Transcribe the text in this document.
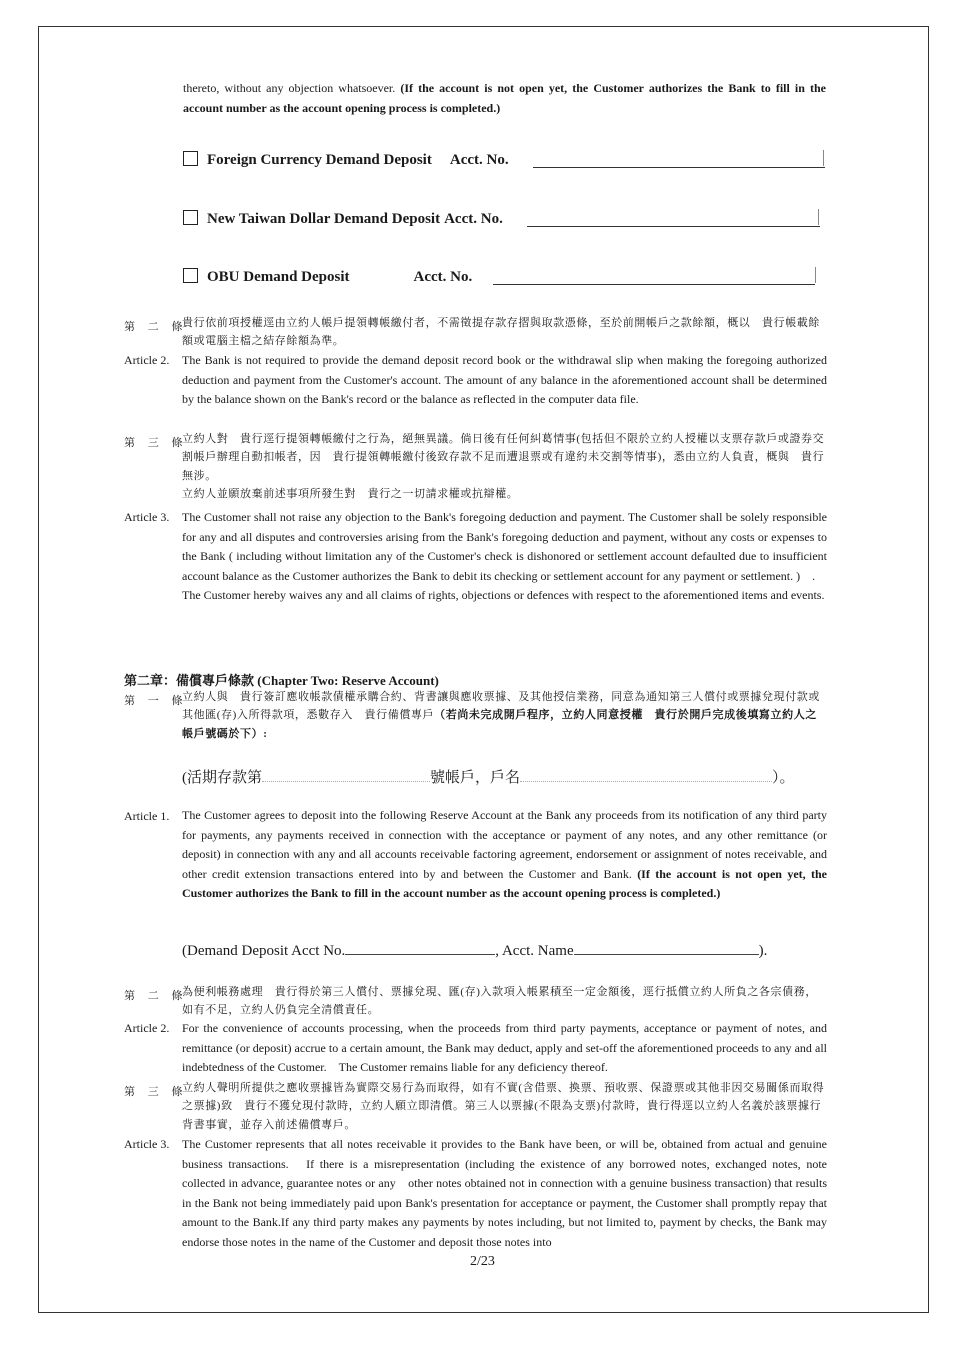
thereto, without any objection whatsoever. (If the account is not open yet, the Customer authorizes the Bank to fill in the account number as the account opening process is completed.)

Foreign Currency Demand Deposit Acct. No.
New Taiwan Dollar Demand Deposit Acct. No.
OBU Demand Deposit	Acct. No.
第 二 條

貴行依前項授權逕由立約人帳戶提領轉帳繳付者，不需徵提存款存摺與取款憑條，至於前開帳戶之款餘額，概以　貴行帳載餘額或電腦主檔之結存餘額為準。

Article 2. The Bank is not required to provide the demand deposit record book or the withdrawal slip when making the foregoing authorized deduction and payment from the Customer's account. The amount of any balance in the aforementioned account shall be determined by the balance shown on the Bank's record or the balance as reflected in the computer data file.

第 三 條

立約人對　貴行逕行提領轉帳繳付之行為，絕無異議。倘日後有任何糾葛情事(包括但不限於立約人授權以支票存款戶或證券交割帳戶辦理自動扣帳者，因　貴行提領轉帳繳付後致存款不足而遭退票或有違約未交割等情事)，悉由立約人負責，概與　貴行無涉。

立約人並願放棄前述事項所發生對　貴行之一切請求權或抗辯權。

Article 3. The Customer shall not raise any objection to the Bank's foregoing deduction and payment. The Customer shall be solely responsible for any and all disputes and controversies arising from the Bank's foregoing deduction and payment, without any costs or expenses to the Bank ( including without limitation any of the Customer's check is dishonored or settlement account defaulted due to insufficient account balance as the Customer authorizes the Bank to debit its checking or settlement account for any payment or settlement. )　.

The Customer hereby waives any and all claims of rights, objections or defences with respect to the aforementioned items and events.

第二章：備償專戶條款 (Chapter Two: Reserve Account)
第 一 條

立約人與　貴行簽訂應收帳款債權承購合約、背書讓與應收票據、及其他授信業務，同意為通知第三人償付或票據兌現付款或其他匯(存)入所得款項，悉數存入　貴行備償專戶（若尚未完成開戶程序，立約人同意授權　貴行於開戶完成後填寫立約人之帳戶號碼於下）:

(活期存款第	號帳戶，戶名	）。
Article 1. The Customer agrees to deposit into the following Reserve Account at the Bank any proceeds from its notification of any third party for payments, any payments received in connection with the acceptance or payment of any notes, and any other remittance (or deposit) in connection with any and all accounts receivable factoring agreement, endorsement or assignment of notes receivable, and other credit extension transactions entered into by and between the Customer and Bank. (If the account is not open yet, the Customer authorizes the Bank to fill in the account number as the account opening process is completed.)

(Demand Deposit Acct No.	, Acct. Name	).
第 二 條

為便利帳務處理　貴行得於第三人償付、票據兌現、匯(存)入款項入帳累積至一定金額後，逕行抵償立約人所負之各宗債務，如有不足，立約人仍負完全清償責任。

Article 2. For the convenience of accounts processing, when the proceeds from third party payments, acceptance or payment of notes, and remittance (or deposit) accrue to a certain amount, the Bank may deduct, apply and set-off the aforementioned proceeds to any and all indebtedness of the Customer.　The Customer remains liable for any deficiency thereof.

第 三 條

立約人聲明所提供之應收票據皆為實際交易行為而取得，如有不實(含借票、換票、預收票、保證票或其他非因交易關係而取得之票據)致　貴行不獲兌現付款時，立約人願立即清償。第三人以票據(不限為支票)付款時，貴行得逕以立約人名義於該票據行背書事實，並存入前述備償專戶。

Article 3. The Customer represents that all notes receivable it provides to the Bank have been, or will be, obtained from actual and genuine business transactions.　If there is a misrepresentation (including the existence of any borrowed notes, exchanged notes, note collected in advance, guarantee notes or any　other notes obtained not in connection with a genuine business transaction) that results in the Bank not being immediately paid upon Bank's presentation for acceptance or payment, the Customer shall promptly repay that amount to the Bank.If any third party makes any payments by notes including, but not limited to, payment by checks, the Bank may endorse those notes in the name of the Customer and deposit those notes into

2/23
